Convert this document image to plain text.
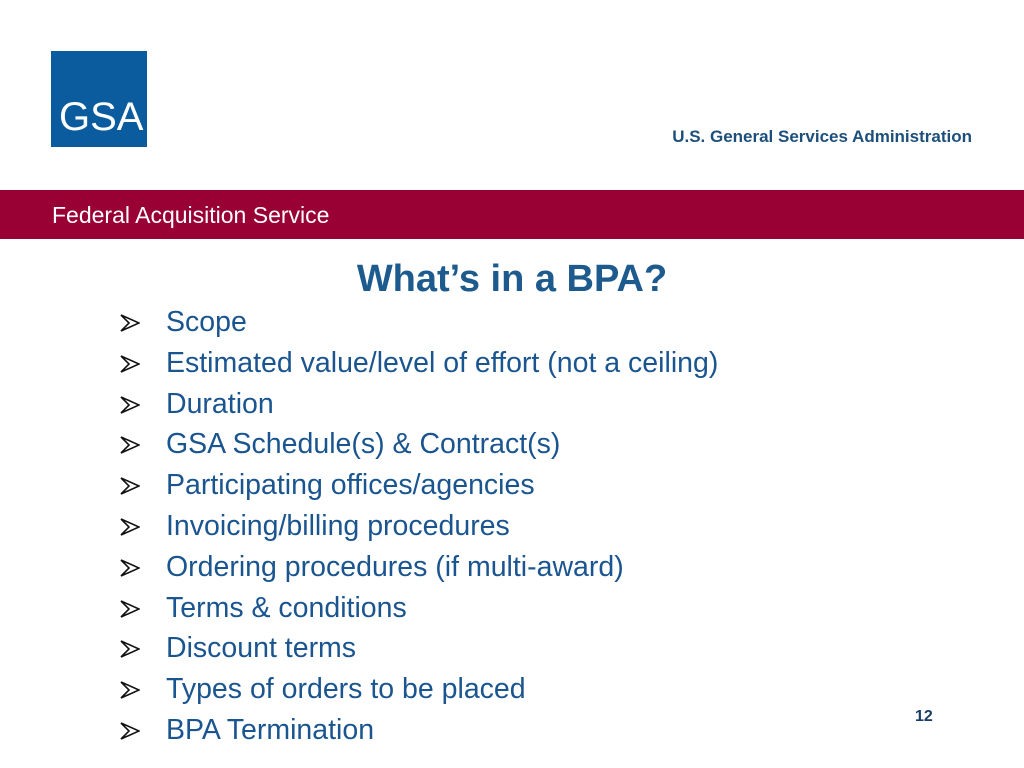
GSA	U.S. General Services Administration
Federal Acquisition Service
What’s in a BPA?
Scope
Estimated value/level of effort (not a ceiling)
Duration
GSA Schedule(s) & Contract(s)
Participating offices/agencies
Invoicing/billing procedures
Ordering procedures (if multi-award)
Terms & conditions
Discount terms
Types of orders to be placed
BPA Termination	12
